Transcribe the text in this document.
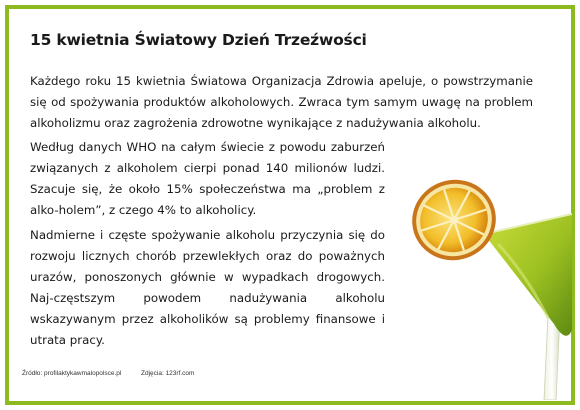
15 kwietnia Światowy Dzień Trzeźwości

Każdego roku 15 kwietnia Światowa Organizacja Zdrowia apeluje, o powstrzymanie się od spożywania produktów alkoholowych. Zwraca tym samym uwagę na problem alkoholizmu oraz zagrożenia zdrowotne wynikające z nadużywania alkoholu.

Według danych WHO na całym świecie z powodu zaburzeń związanych z alkoholem cierpi ponad 140 milionów ludzi. Szacuje się, że około 15% społeczeństwa ma „problem z alko-holem”, z czego 4% to alkoholicy.

Nadmierne i częste spożywanie alkoholu przyczynia się do rozwoju licznych chorób przewlekłych oraz do poważnych urazów, ponoszonych głównie w wypadkach drogowych. Naj-częstszym powodem nadużywania alkoholu wskazywanym przez alkoholików są problemy finansowe i utrata pracy.

Źródło: profilaktykawmalopolsce.pl	Zdjęcia: 123rf.com
